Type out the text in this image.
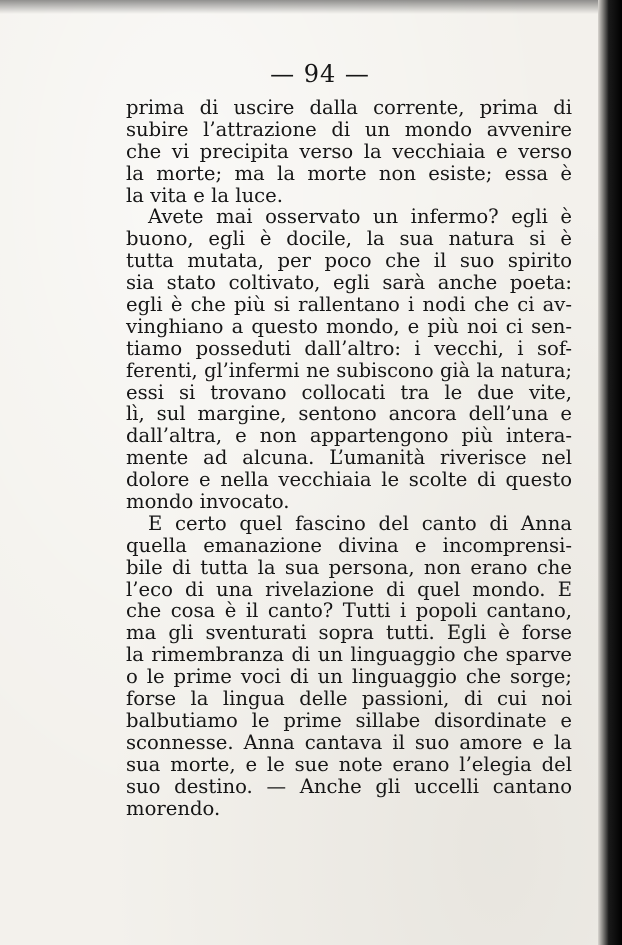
— 94 —
prima di uscire dalla corrente, prima di
subire l’attrazione di un mondo avvenire
che vi precipita verso la vecchiaia e verso
la morte; ma la morte non esiste; essa è
la vita e la luce.
Avete mai osservato un infermo? egli è
buono, egli è docile, la sua natura si è
tutta mutata, per poco che il suo spirito
sia stato coltivato, egli sarà anche poeta:
egli è che più si rallentano i nodi che ci av-
vinghiano a questo mondo, e più noi ci sen-
tiamo posseduti dall’altro: i vecchi, i sof-
ferenti, gl’infermi ne subiscono già la natura;
essi si trovano collocati tra le due vite,
lì, sul margine, sentono ancora dell’una e
dall’altra, e non appartengono più intera-
mente ad alcuna. L’umanità riverisce nel
dolore e nella vecchiaia le scolte di questo
mondo invocato.
E certo quel fascino del canto di Anna
quella emanazione divina e incomprensi-
bile di tutta la sua persona, non erano che
l’eco di una rivelazione di quel mondo. E
che cosa è il canto? Tutti i popoli cantano,
ma gli sventurati sopra tutti. Egli è forse
la rimembranza di un linguaggio che sparve
o le prime voci di un linguaggio che sorge;
forse la lingua delle passioni, di cui noi
balbutiamo le prime sillabe disordinate e
sconnesse. Anna cantava il suo amore e la
sua morte, e le sue note erano l’elegia del
suo destino. — Anche gli uccelli cantano
morendo.
